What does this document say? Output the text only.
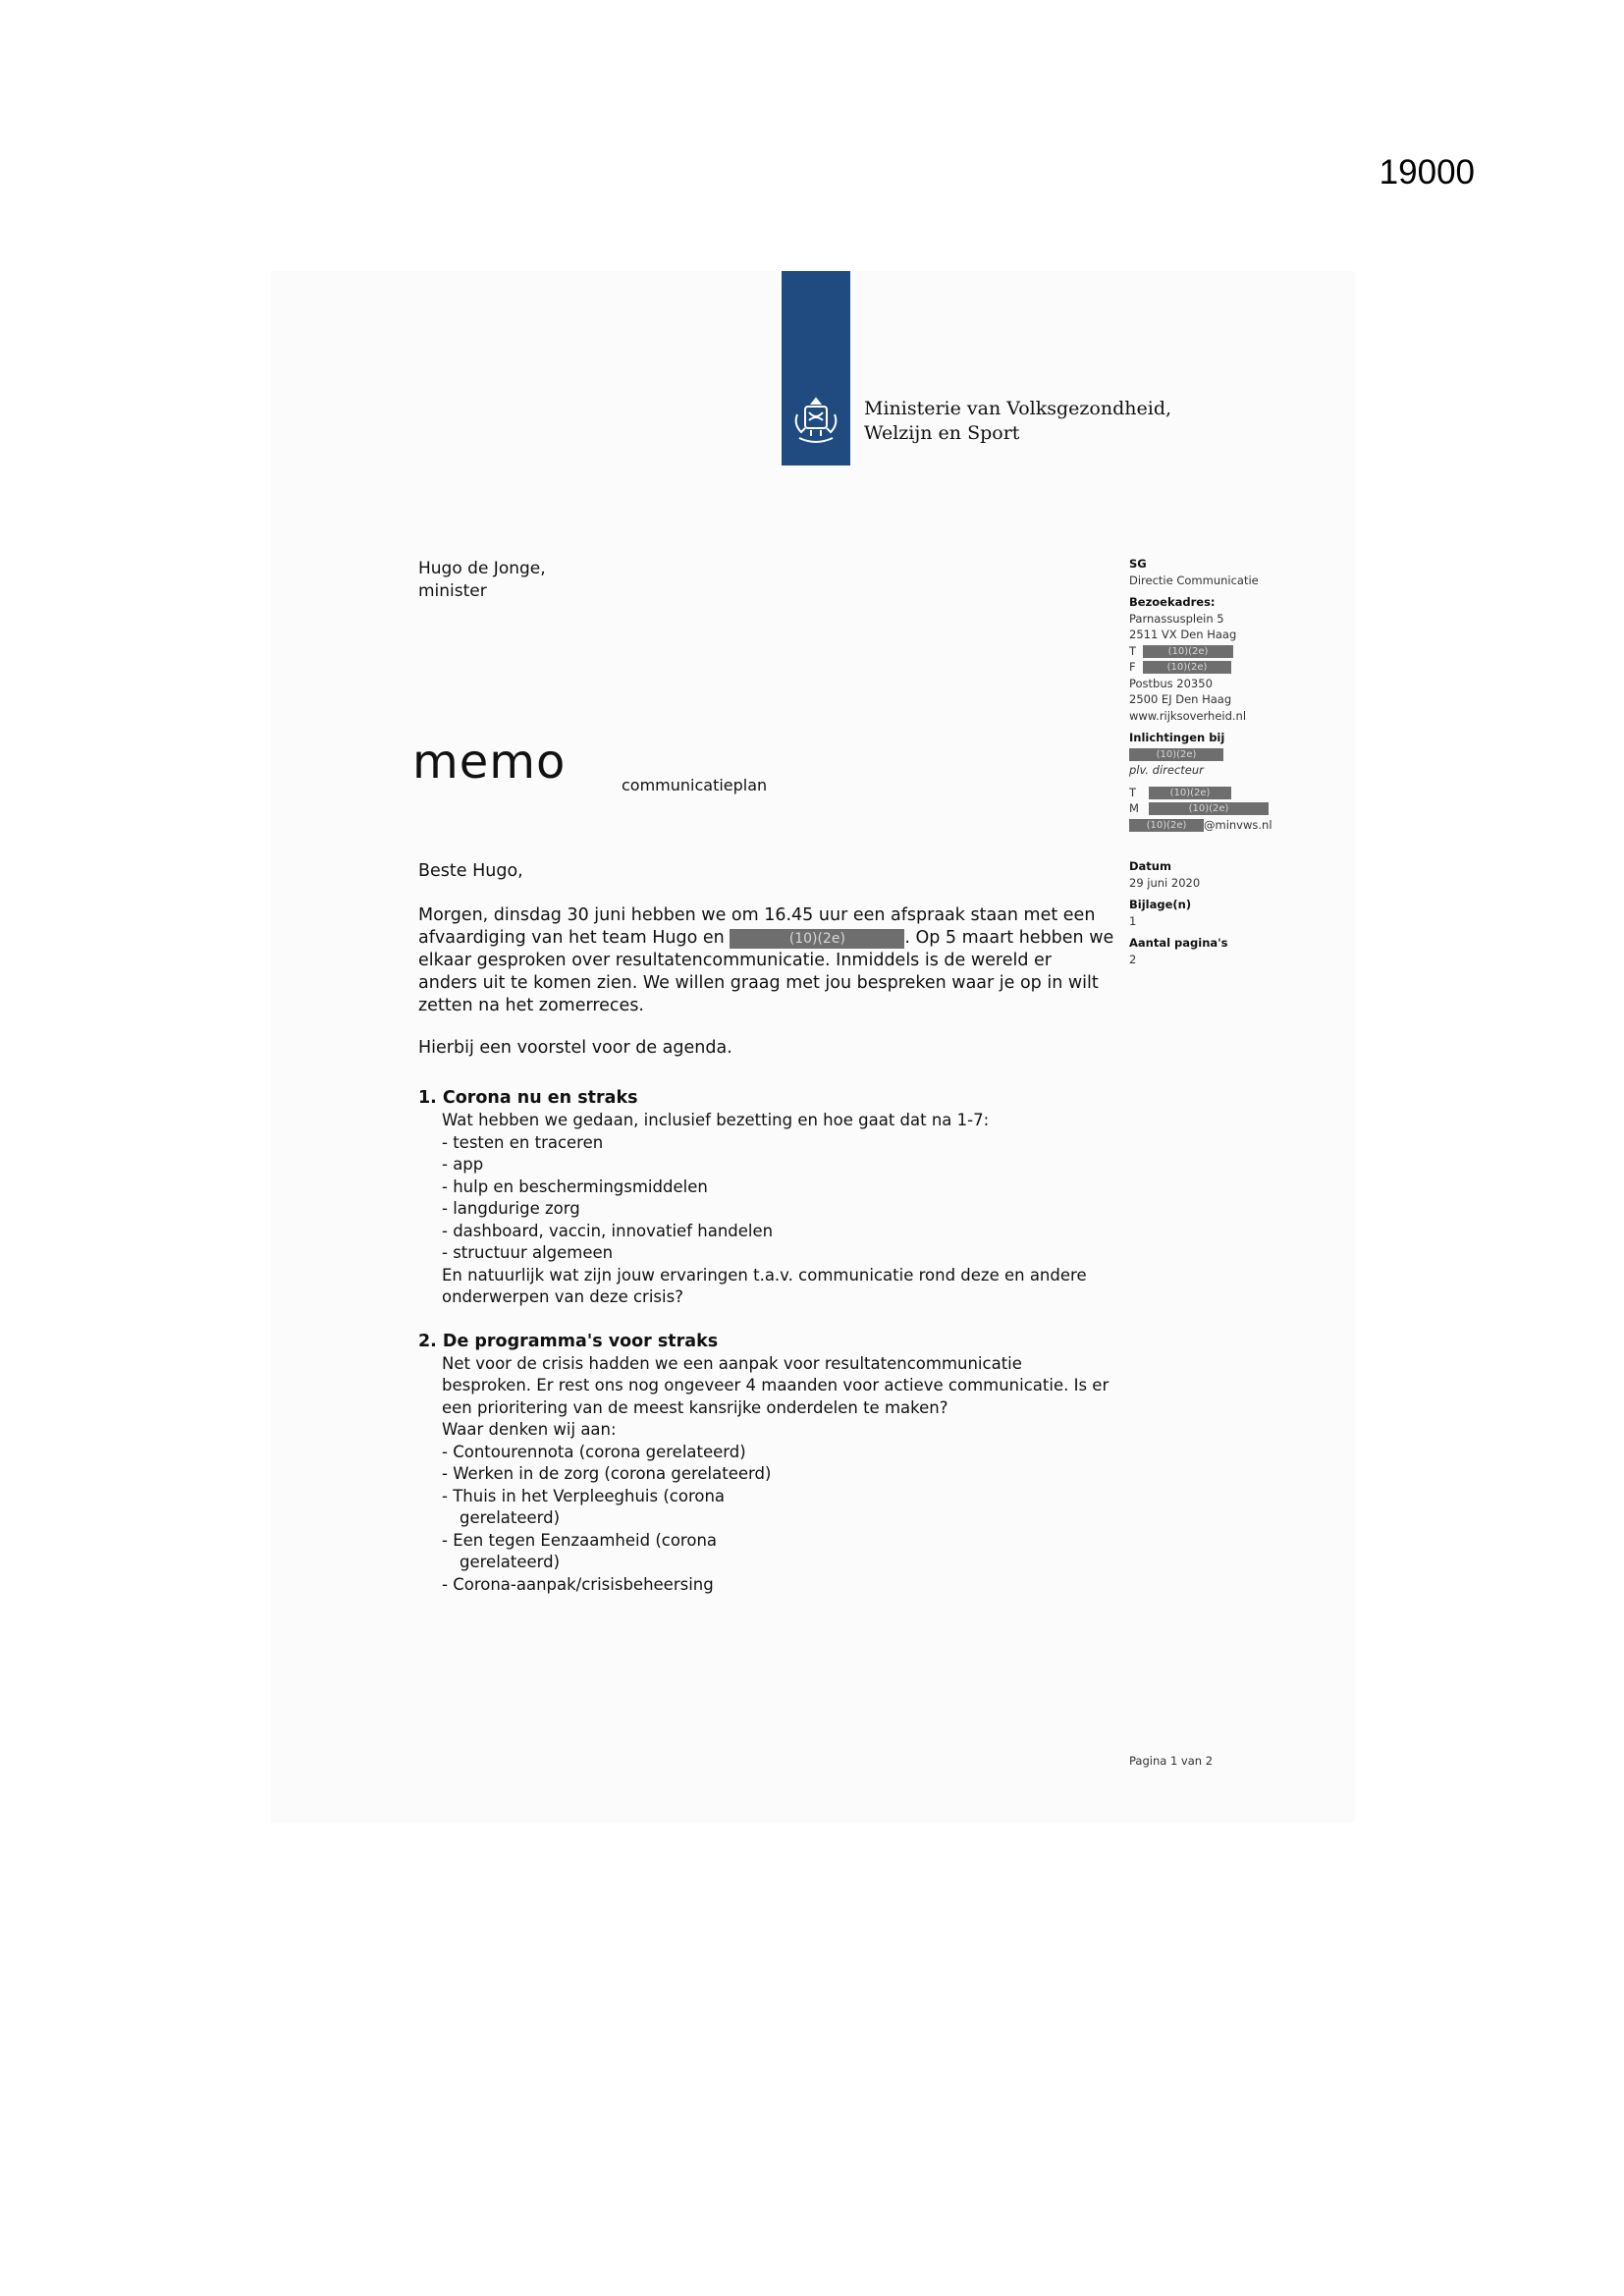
19000
Ministerie van Volksgezondheid,
Welzijn en Sport
Hugo de Jonge,
minister
memo	communicatieplan
SG
Directie Communicatie
Bezoekadres:
Parnassusplein 5
2511 VX Den Haag
T	(10)(2e)
F	(10)(2e)
Postbus 20350
2500 EJ Den Haag
www.rijksoverheid.nl
Inlichtingen bij
(10)(2e)
plv. directeur
T	(10)(2e)
M	(10)(2e)
(10)(2e) @minvws.nl
Datum
29 juni 2020
Bijlage(n)
1
Aantal pagina's
2

Beste Hugo,

Morgen, dinsdag 30 juni hebben we om 16.45 uur een afspraak staan met een afvaardiging van het team Hugo en	(10)(2e)	. Op 5 maart hebben we elkaar gesproken over resultatencommunicatie. Inmiddels is de wereld er anders uit te komen zien. We willen graag met jou bespreken waar je op in wilt zetten na het zomerreces.

Hierbij een voorstel voor de agenda.

1. Corona nu en straks
Wat hebben we gedaan, inclusief bezetting en hoe gaat dat na 1-7:
- testen en traceren
- app
- hulp en beschermingsmiddelen
- langdurige zorg
- dashboard, vaccin, innovatief handelen
- structuur algemeen
En natuurlijk wat zijn jouw ervaringen t.a.v. communicatie rond deze en andere onderwerpen van deze crisis?
2. De programma's voor straks
Net voor de crisis hadden we een aanpak voor resultatencommunicatie besproken. Er rest ons nog ongeveer 4 maanden voor actieve communicatie. Is er een prioritering van de meest kansrijke onderdelen te maken?
Waar denken wij aan:
- Contourennota (corona gerelateerd)
- Werken in de zorg (corona gerelateerd)
- Thuis in het Verpleeghuis (corona
gerelateerd)
- Een tegen Eenzaamheid (corona
gerelateerd)
- Corona-aanpak/crisisbeheersing
Pagina 1 van 2
